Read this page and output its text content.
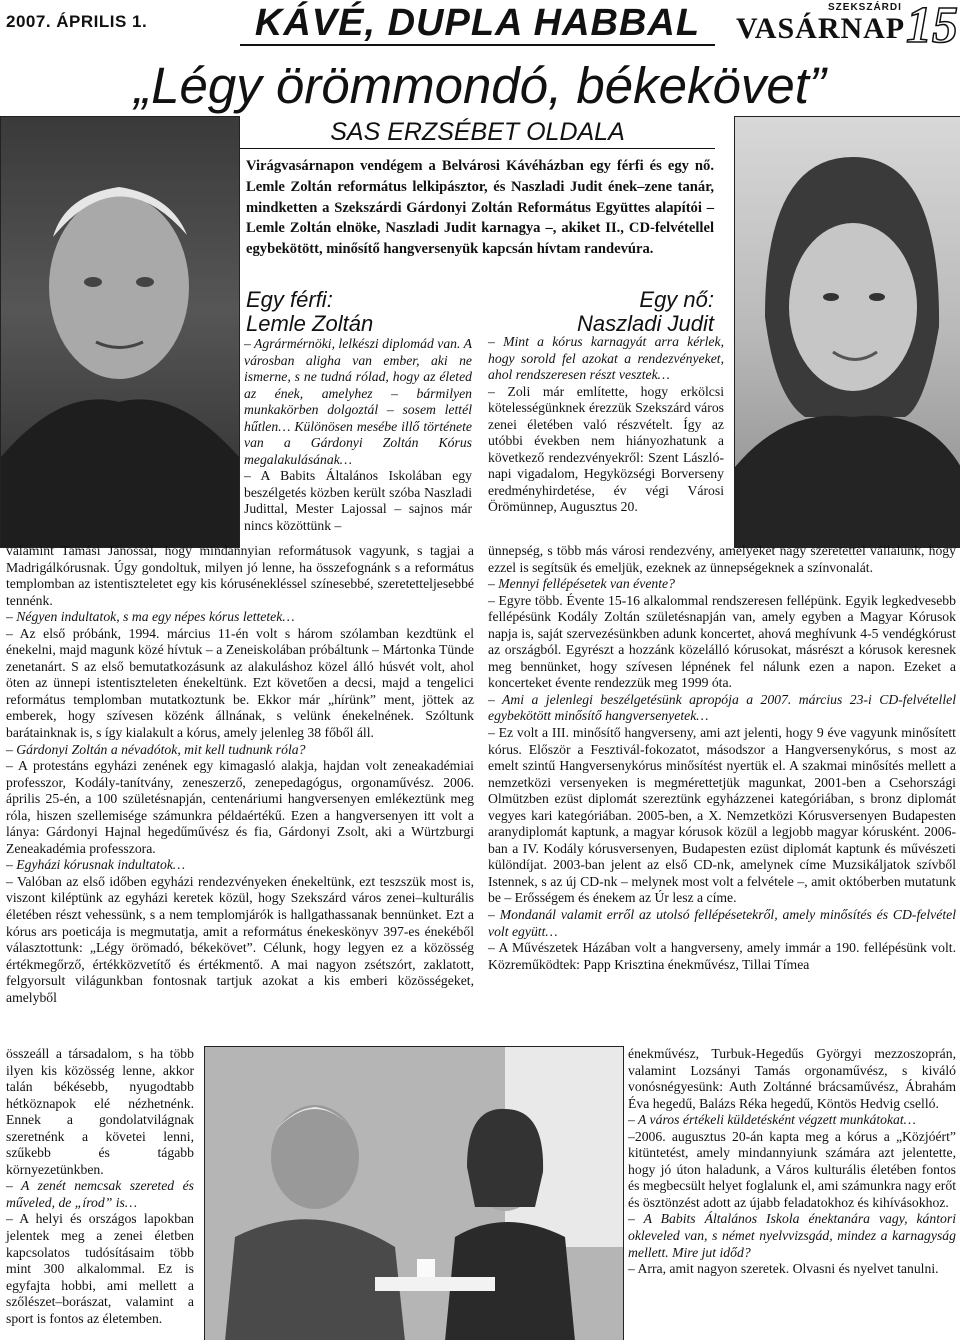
2007. ÁPRILIS 1.	KÁVÉ, DUPLA HABBAL	SZEKSZÁRDI
VASÁRNAP 15
„Légy örömmondó, békekövet”
SAS ERZSÉBET OLDALA
Virágvasárnapon vendégem a Belvárosi Kávéházban egy férfi és egy nő. Lemle Zoltán református lelkipásztor, és Naszladi Judit ének–zene tanár, mindketten a Szekszárdi Gárdonyi Zoltán Református Együttes alapítói – Lemle Zoltán elnöke, Naszladi Judit karnagya –, akiket II., CD-felvétellel egybekötött, minősítő hangversenyük kapcsán hívtam randevúra.
Egy férfi:
Lemle Zoltán
Egy nő:
Naszladi Judit

– Agrármérnöki, lelkészi diplomád van. A városban aligha van ember, aki ne ismerne, s ne tudná rólad, hogy az életed az ének, amelyhez – bármilyen munkakörben dolgoztál – sosem lettél hűtlen… Különösen mesébe illő története van a Gárdonyi Zoltán Kórus megalakulásának…

– A Babits Általános Iskolában egy beszélgetés közben került szóba Naszladi Judittal, Mester Lajossal – sajnos már nincs közöttünk –

– Mint a kórus karnagyát arra kérlek, hogy sorold fel azokat a rendezvényeket, ahol rendszeresen részt vesztek…

– Zoli már említette, hogy erkölcsi kötelességünknek érezzük Szekszárd város zenei életében való részvételt. Így az utóbbi években nem hiányozhatunk a következő rendezvényekről: Szent László-napi vigadalom, Hegyközségi Borverseny eredményhirdetése, év végi Városi Örömünnep, Augusztus 20.

valamint Tamási Jánossal, hogy mindannyian reformátusok vagyunk, s tagjai a Madrigálkórusnak. Úgy gondoltuk, milyen jó lenne, ha összefognánk s a református templomban az istentiszteletet egy kis kórusénekléssel színesebbé, szeretetteljesebbé tennénk.

– Négyen indultatok, s ma egy népes kórus lettetek…

– Az első próbánk, 1994. március 11-én volt s három szólamban kezdtünk el énekelni, majd magunk közé hívtuk – a Zeneiskolában próbáltunk – Mártonka Tünde zenetanárt. S az első bemutatkozásunk az alakuláshoz közel álló húsvét volt, ahol öten az ünnepi istentiszteleten énekeltünk. Ezt követően a decsi, majd a tengelici református templomban mutatkoztunk be. Ekkor már „hírünk” ment, jöttek az emberek, hogy szívesen közénk állnának, s velünk énekelnének. Szóltunk barátainknak is, s így kialakult a kórus, amely jelenleg 38 főből áll.

– Gárdonyi Zoltán a névadótok, mit kell tudnunk róla?

– A protestáns egyházi zenének egy kimagasló alakja, hajdan volt zeneakadémiai professzor, Kodály-tanítvány, zeneszerző, zenepedagógus, orgonaművész. 2006. április 25-én, a 100 születésnapján, centenáriumi hangversenyen emlékeztünk meg róla, hiszen szellemisége számunkra példaértékű. Ezen a hangversenyen itt volt a lánya: Gárdonyi Hajnal hegedűművész és fia, Gárdonyi Zsolt, aki a Würtzburgi Zeneakadémia professzora.

– Egyházi kórusnak indultatok…

– Valóban az első időben egyházi rendezvényeken énekeltünk, ezt teszszük most is, viszont kiléptünk az egyházi keretek közül, hogy Szekszárd város zenei–kulturális életében részt vehessünk, s a nem templomjárók is hallgathassanak bennünket. Ezt a kórus ars poeticája is megmutatja, amit a református énekeskönyv 397-es énekéből választottunk: „Légy örömadó, békekövet”. Célunk, hogy legyen ez a közösség értékmegőrző, értékközvetítő és értékmentő. A mai nagyon zsétszórt, zaklatott, felgyorsult világunkban fontosnak tartjuk azokat a kis emberi közösségeket, amelyből

ünnepség, s több más városi rendezvény, amelyeket nagy szeretettel vállalunk, hogy ezzel is segítsük és emeljük, ezeknek az ünnepségeknek a színvonalát.

– Mennyi fellépésetek van évente?

– Egyre több. Évente 15-16 alkalommal rendszeresen fellépünk. Egyik legkedvesebb fellépésünk Kodály Zoltán születésnapján van, amely egyben a Magyar Kórusok napja is, saját szervezésünkben adunk koncertet, ahová meghívunk 4-5 vendégkórust az országból. Egyrészt a hozzánk közelálló kórusokat, másrészt a kórusok keresnek meg bennünket, hogy szívesen lépnének fel nálunk ezen a napon. Ezeket a koncerteket évente rendezzük meg 1999 óta.

– Ami a jelenlegi beszélgetésünk apropója a 2007. március 23-i CD-felvétellel egybekötött minősítő hangversenyetek…

– Ez volt a III. minősítő hangverseny, ami azt jelenti, hogy 9 éve vagyunk minősített kórus. Először a Fesztivál-fokozatot, másodszor a Hangversenykórus, s most az emelt szintű Hangversenykórus minősítést nyertük el. A szakmai minősítés mellett a nemzetközi versenyeken is megmérettetjük magunkat, 2001-ben a Csehországi Olmützben ezüst diplomát szereztünk egyházzenei kategóriában, s bronz diplomát vegyes kari kategóriában. 2005-ben, a X. Nemzetközi Kórusversenyen Budapesten aranydiplomát kaptunk, a magyar kórusok közül a legjobb magyar kórusként. 2006-ban a IV. Kodály kórusversenyen, Budapesten ezüst diplomát kaptunk és művészeti különdíjat. 2003-ban jelent az első CD-nk, amelynek címe Muzsikáljatok szívből Istennek, s az új CD-nk – melynek most volt a felvétele –, amit októberben mutatunk be – Erősségem és énekem az Úr lesz a címe.

– Mondanál valamit erről az utolsó fellépésetekről, amely minősítés és CD-felvétel volt együtt…

– A Művészetek Házában volt a hangverseny, amely immár a 190. fellépésünk volt. Közreműködtek: Papp Krisztina énekművész, Tillai Tímea

összeáll a társadalom, s ha több ilyen kis közösség lenne, akkor talán békésebb, nyugodtabb hétköznapok elé nézhetnénk. Ennek a gondolatvilágnak szeretnénk a követei lenni, szűkebb és tágabb környezetünkben.

– A zenét nemcsak szereted és műveled, de „írod” is…

– A helyi és országos lapokban jelentek meg a zenei életben kapcsolatos tudósításaim több mint 300 alkalommal. Ez is egyfajta hobbi, ami mellett a szőlészet–borászat, valamint a sport is fontos az életemben.

énekművész, Turbuk-Hegedűs Györgyi mezzoszoprán, valamint Lozsányi Tamás orgonaművész, s kiváló vonósnégyesünk: Auth Zoltánné brácsaművész, Ábrahám Éva hegedű, Balázs Réka hegedű, Köntös Hedvig cselló.

– A város értékeli küldetésként végzett munkátokat…

–2006. augusztus 20-án kapta meg a kórus a „Közjóért” kitüntetést, amely mindannyiunk számára azt jelentette, hogy jó úton haladunk, a Város kulturális életében fontos és megbecsült helyet foglalunk el, ami számunkra nagy erőt és ösztönzést adott az újabb feladatokhoz és kihívásokhoz.

– A Babits Általános Iskola énektanára vagy, kántori okleveled van, s német nyelvvizsgád, mindez a karnagyság mellett. Mire jut időd?

– Arra, amit nagyon szeretek. Olvasni és nyelvet tanulni.
